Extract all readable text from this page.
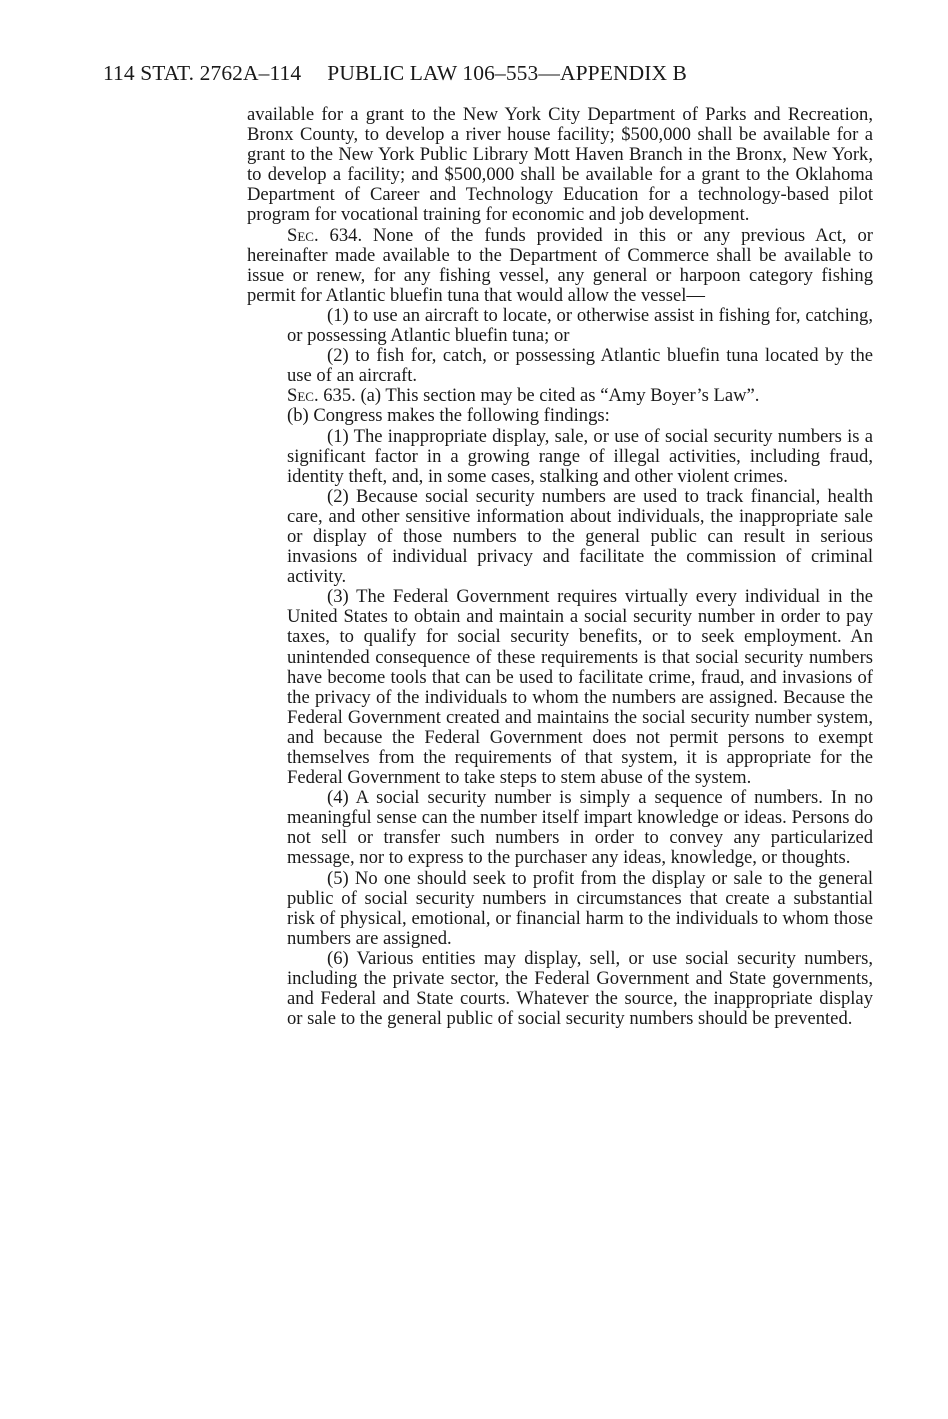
114 STAT. 2762A–114 PUBLIC LAW 106–553—APPENDIX B

available for a grant to the New York City Department of Parks and Recreation, Bronx County, to develop a river house facility; $500,000 shall be available for a grant to the New York Public Library Mott Haven Branch in the Bronx, New York, to develop a facility; and $500,000 shall be available for a grant to the Oklahoma Department of Career and Technology Education for a technology-based pilot program for vocational training for economic and job development.

Sec. 634. None of the funds provided in this or any previous Act, or hereinafter made available to the Department of Commerce shall be available to issue or renew, for any fishing vessel, any general or harpoon category fishing permit for Atlantic bluefin tuna that would allow the vessel—

(1) to use an aircraft to locate, or otherwise assist in fishing for, catching, or possessing Atlantic bluefin tuna; or

(2) to fish for, catch, or possessing Atlantic bluefin tuna located by the use of an aircraft.

Sec. 635. (a) This section may be cited as “Amy Boyer’s Law”.

(b) Congress makes the following findings:

(1) The inappropriate display, sale, or use of social security numbers is a significant factor in a growing range of illegal activities, including fraud, identity theft, and, in some cases, stalking and other violent crimes.

(2) Because social security numbers are used to track financial, health care, and other sensitive information about individuals, the inappropriate sale or display of those numbers to the general public can result in serious invasions of individual privacy and facilitate the commission of criminal activity.

(3) The Federal Government requires virtually every individual in the United States to obtain and maintain a social security number in order to pay taxes, to qualify for social security benefits, or to seek employment. An unintended consequence of these requirements is that social security numbers have become tools that can be used to facilitate crime, fraud, and invasions of the privacy of the individuals to whom the numbers are assigned. Because the Federal Government created and maintains the social security number system, and because the Federal Government does not permit persons to exempt themselves from the requirements of that system, it is appropriate for the Federal Government to take steps to stem abuse of the system.

(4) A social security number is simply a sequence of numbers. In no meaningful sense can the number itself impart knowledge or ideas. Persons do not sell or transfer such numbers in order to convey any particularized message, nor to express to the purchaser any ideas, knowledge, or thoughts.

(5) No one should seek to profit from the display or sale to the general public of social security numbers in circumstances that create a substantial risk of physical, emotional, or financial harm to the individuals to whom those numbers are assigned.

(6) Various entities may display, sell, or use social security numbers, including the private sector, the Federal Government and State governments, and Federal and State courts. Whatever the source, the inappropriate display or sale to the general public of social security numbers should be prevented.
